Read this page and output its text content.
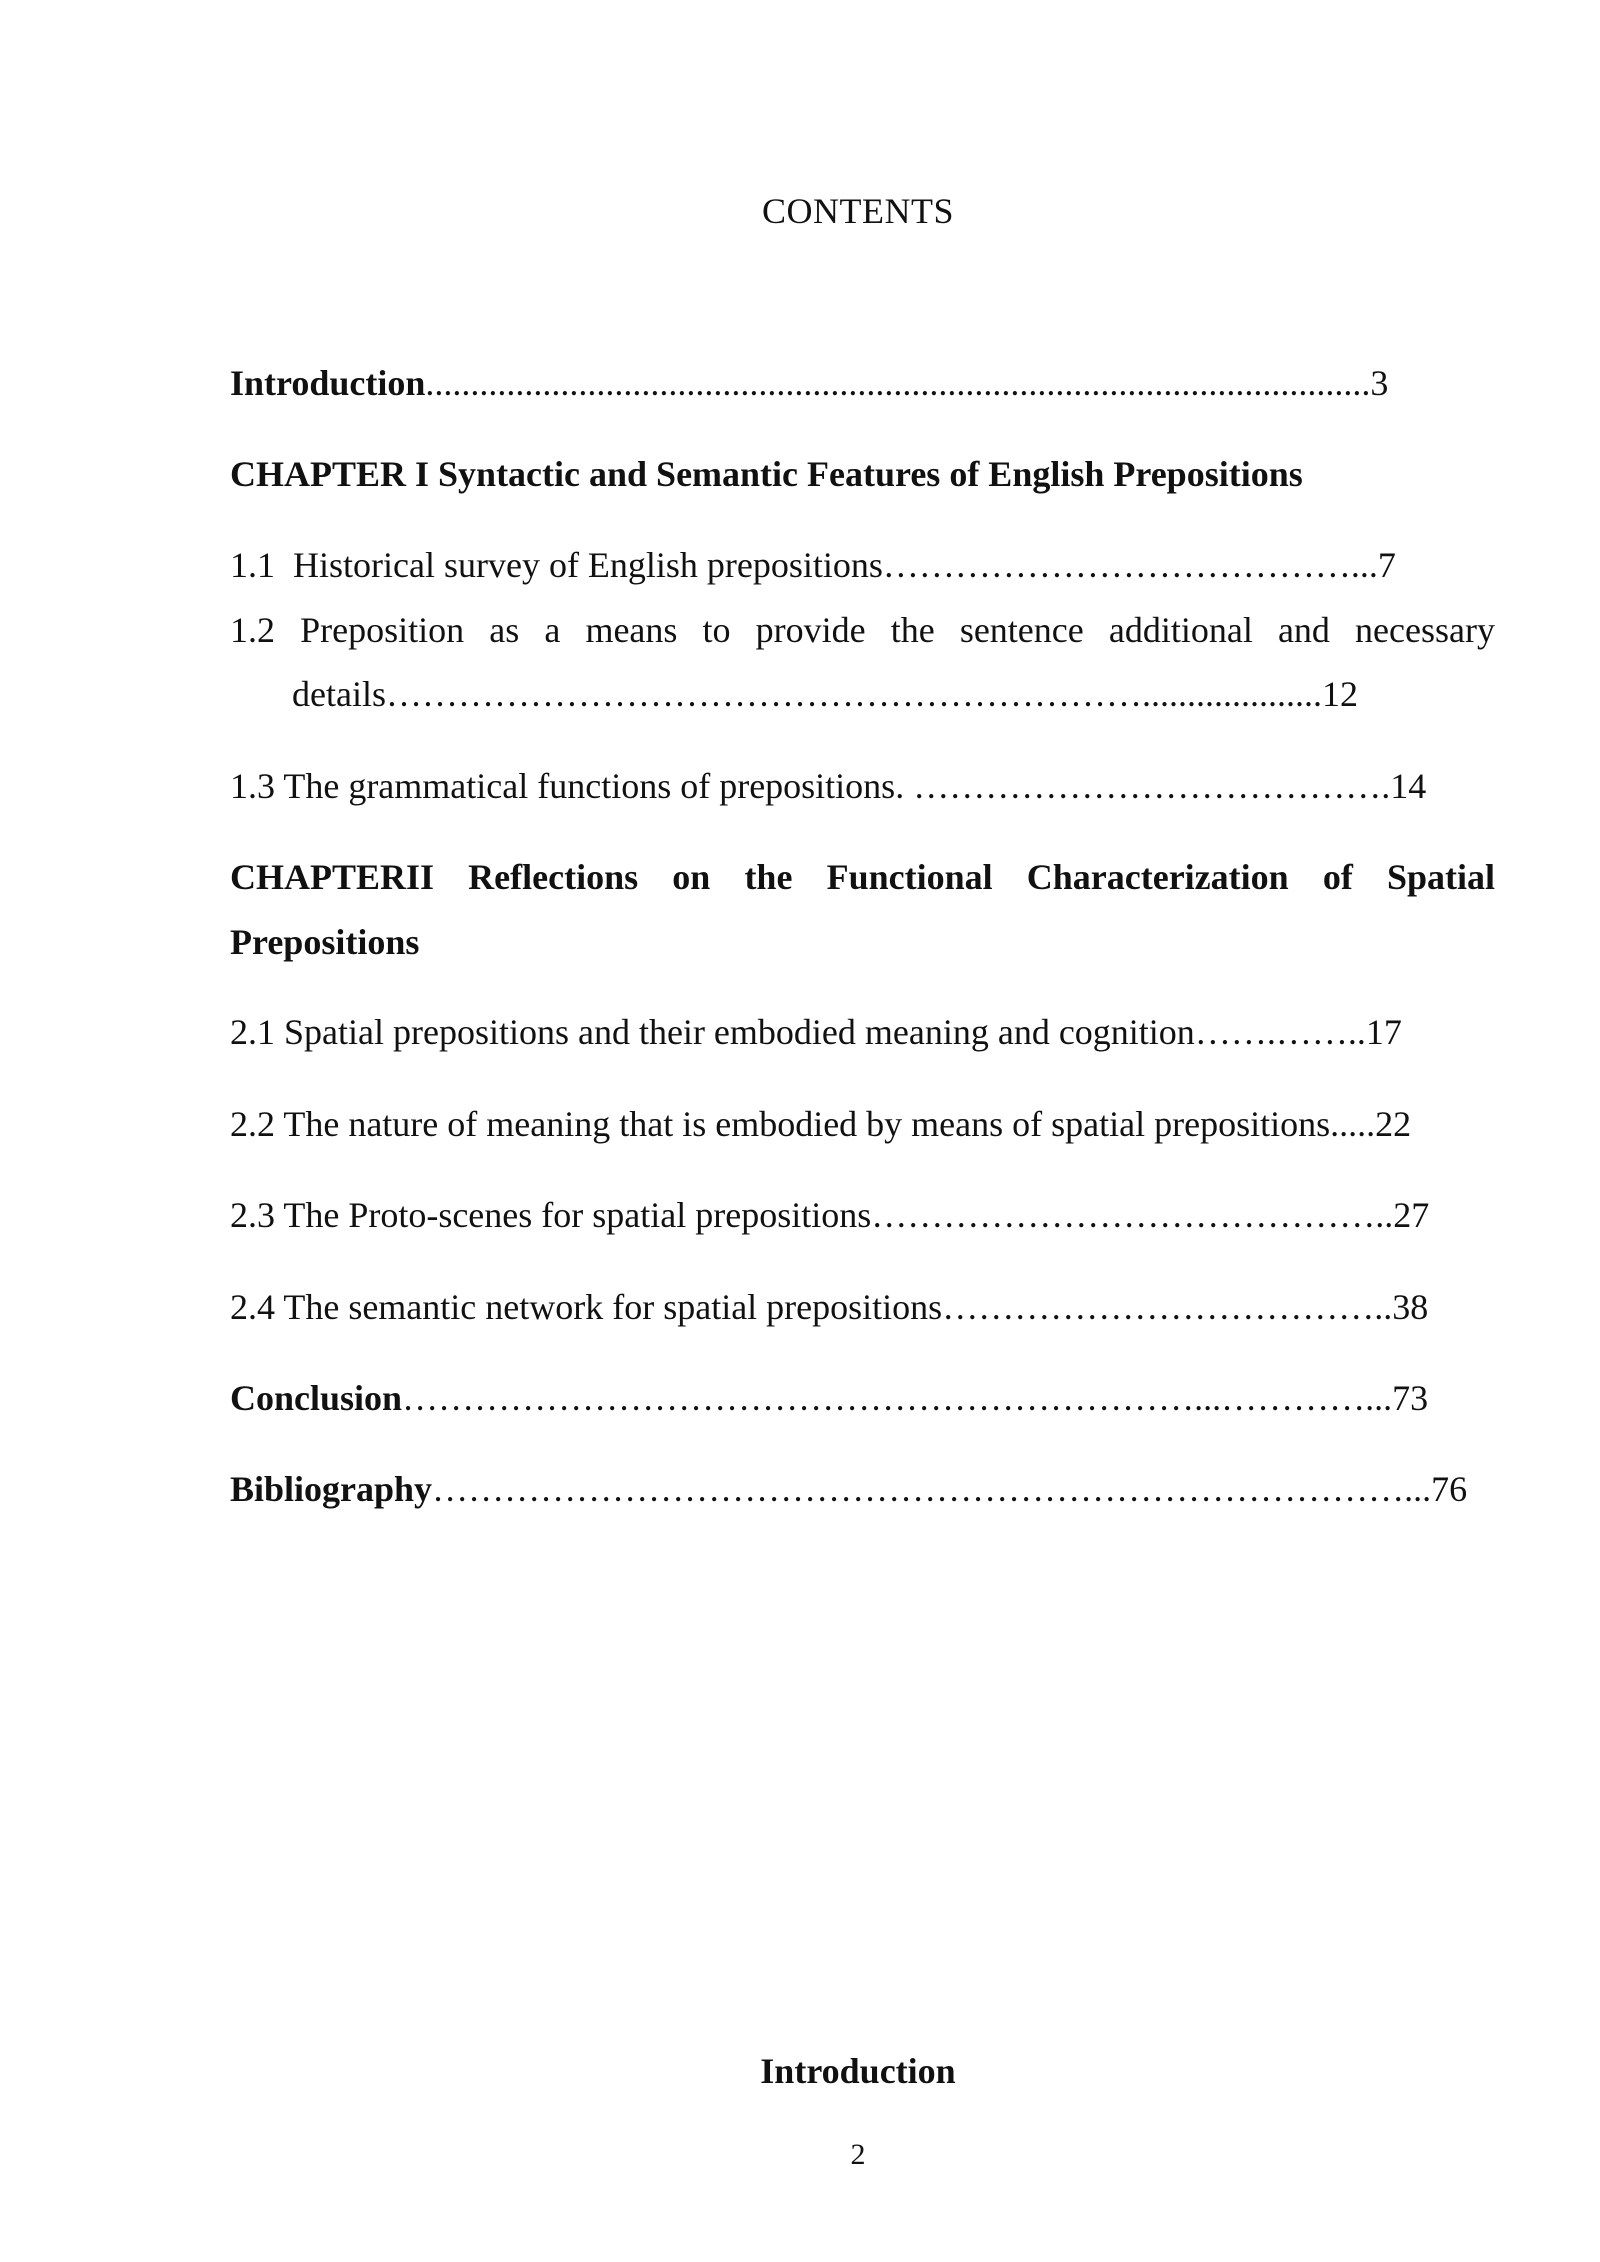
CONTENTS
Introduction.........................................................................................................3
CHAPTER I Syntactic and Semantic Features of English Prepositions
1.1  Historical survey of English prepositions…………………………………...7
1.2 Preposition as a means to provide the sentence additional and necessary
details………………………………………………………....................12
1.3 The grammatical functions of prepositions. ………………………………….14
CHAPTERII Reflections on the Functional Characterization of Spatial
Prepositions
2.1 Spatial prepositions and their embodied meaning and cognition…….……..17
2.2 The nature of meaning that is embodied by means of spatial prepositions.....22
2.3 The Proto-scenes for spatial prepositions……………………………………..27
2.4 The semantic network for spatial prepositions………………………………..38
Conclusion…………………………………………………………...…………...73
Bibliography………………………………………………………………………...76
Introduction
2
